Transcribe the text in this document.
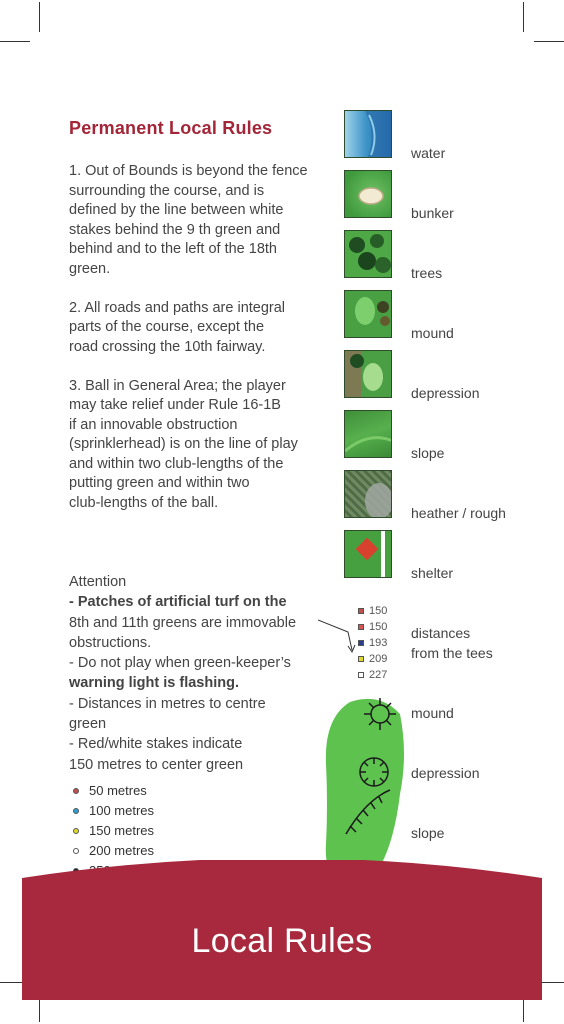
Permanent Local Rules
1. Out of Bounds is beyond the fence
surrounding the course, and is
defined by the line between white
stakes behind the 9 th green and
behind and to the left of the 18th
green.
2. All roads and paths are integral
parts of the course, except the
road crossing the 10th fairway.
3. Ball in General Area; the player
may take relief under Rule 16-1B
if an innovable obstruction
(sprinklerhead) is on the line of play
and within two club-lengths of the
putting green and within two
club-lengths of the ball.
Attention
- Patches of artificial turf on the
8th and 11th greens are immovable
obstructions.
- Do not play when green-keeper’s
warning light is flashing.
- Distances in metres to centre
green
- Red/white stakes indicate
150 metres to center green
50 metres
100 metres
150 metres
200 metres
water
bunker
trees
mound
depression
slope
heather / rough
shelter
150
150
193
209
227
distances
from the tees
mound
depression
slope
Local Rules
